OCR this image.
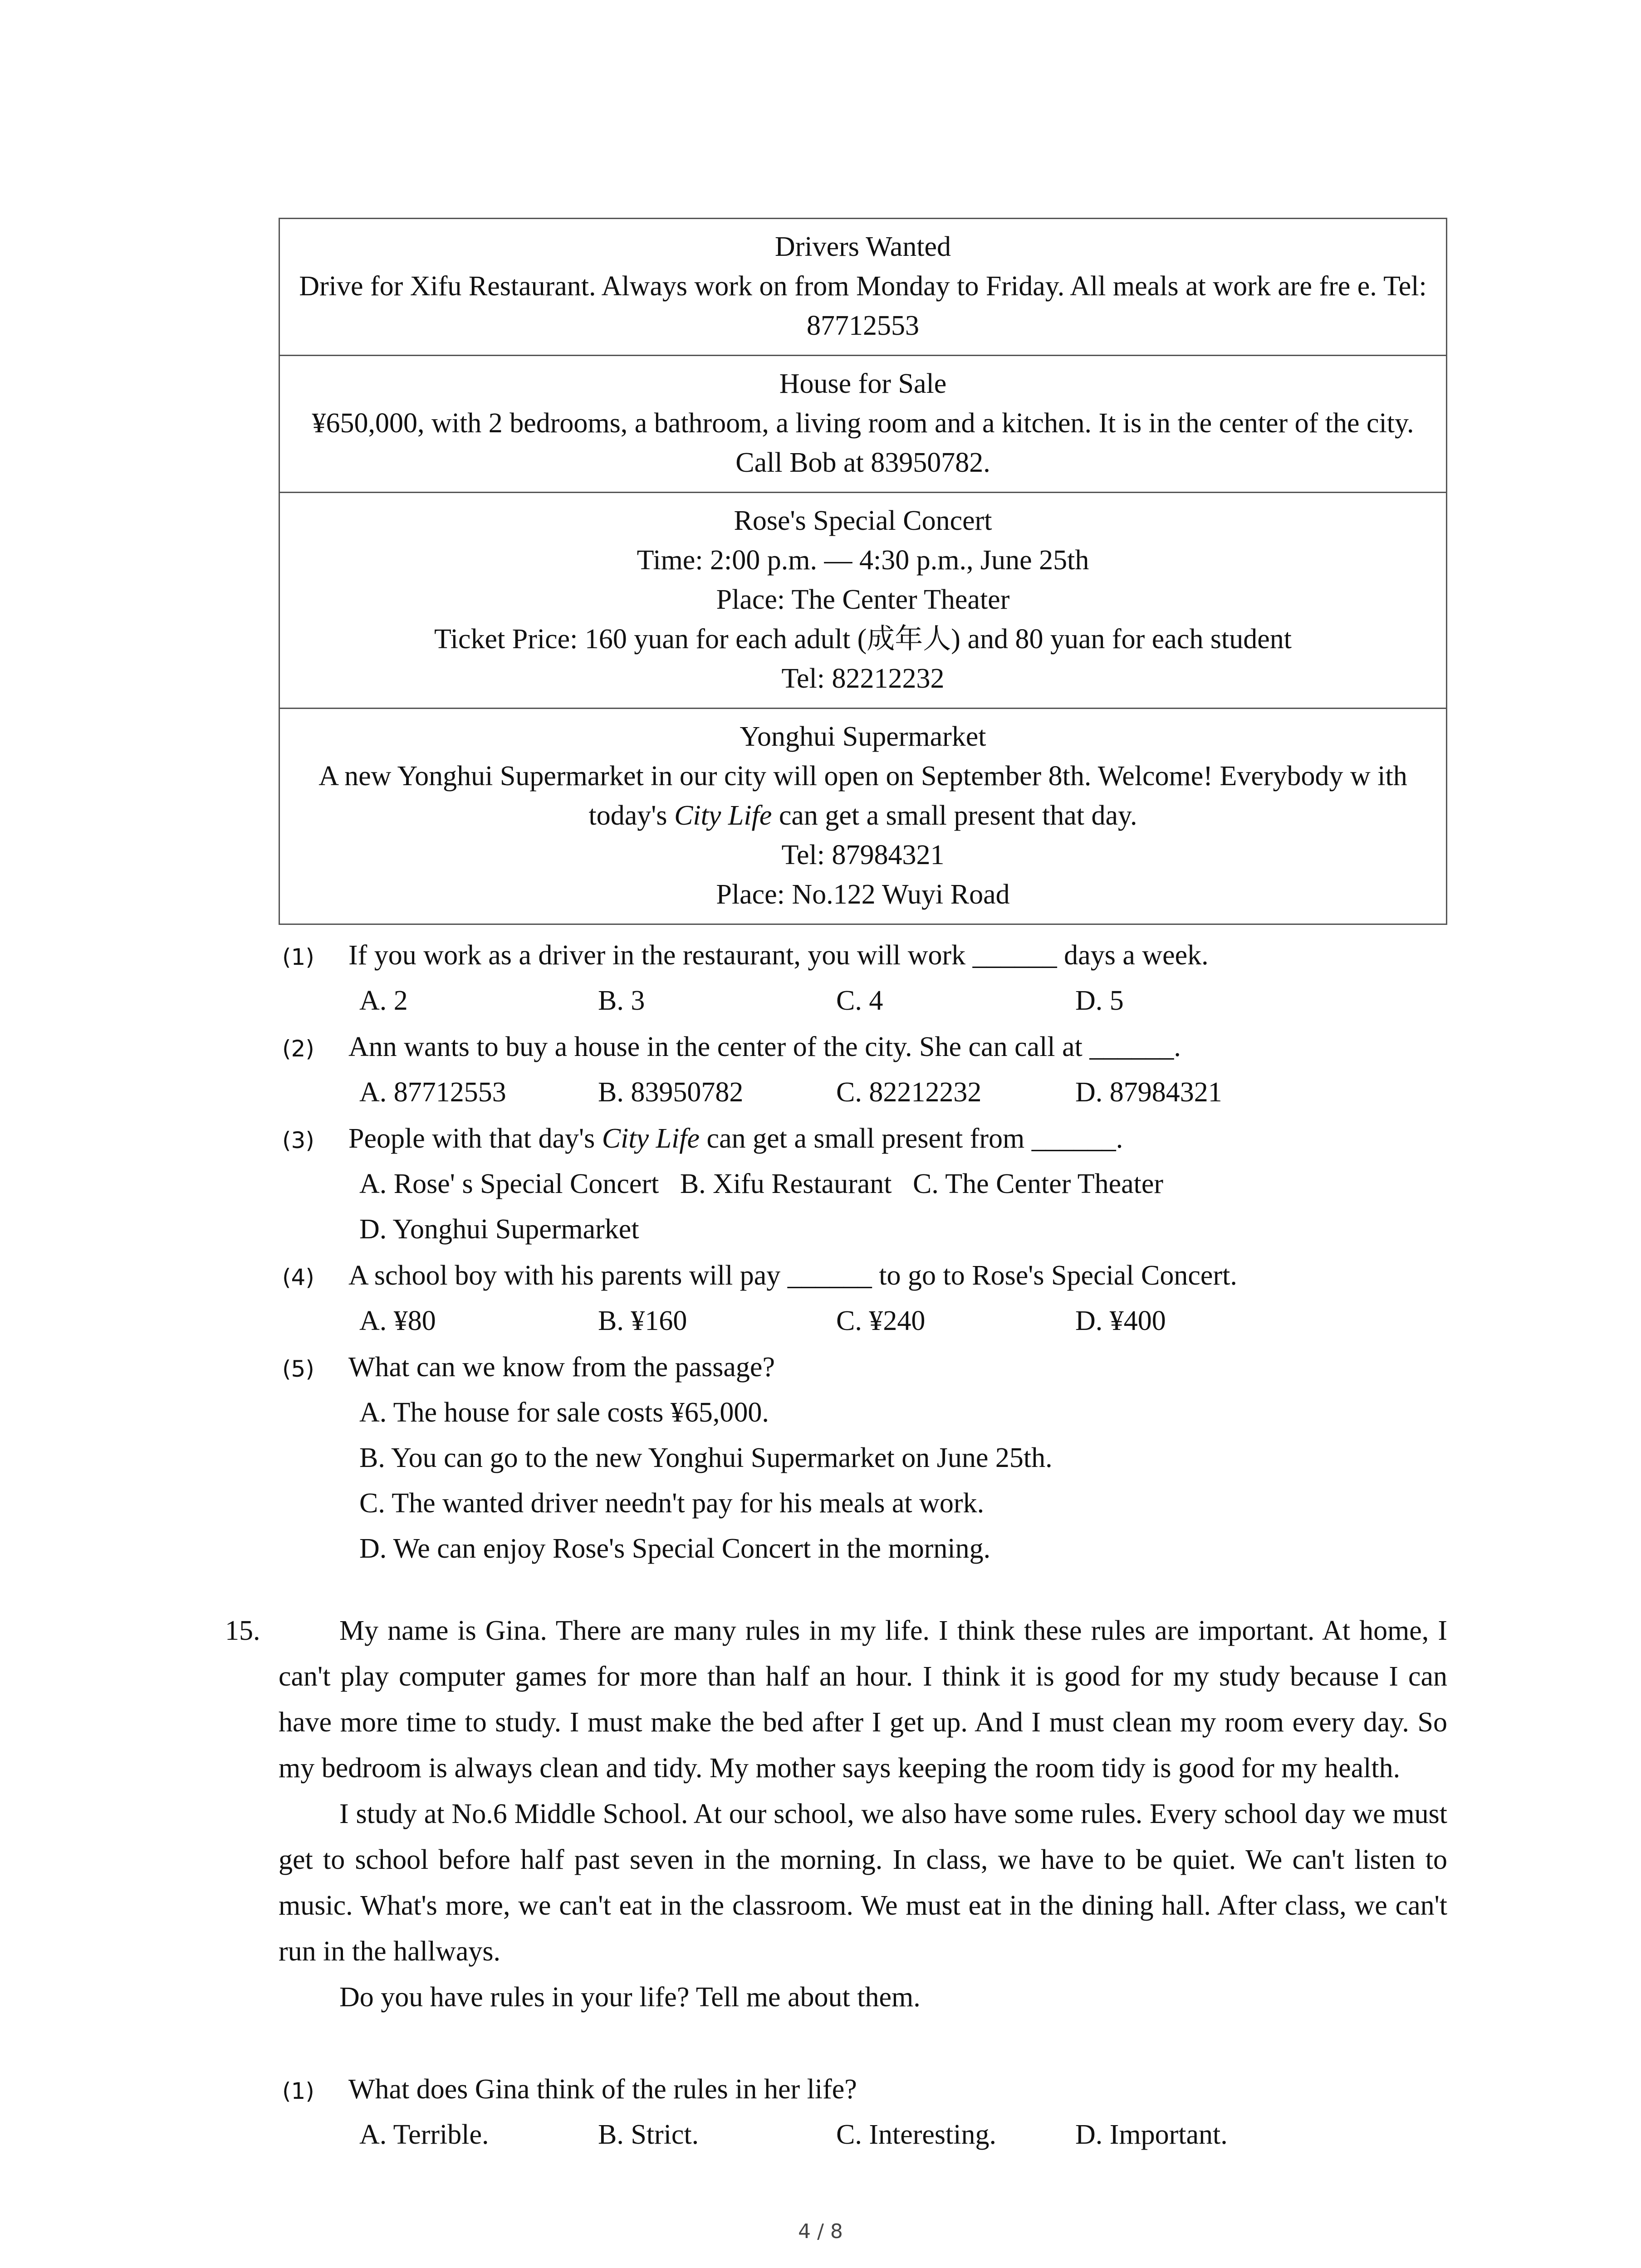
Drivers Wanted
Drive for Xifu Restaurant. Always work on from Monday to Friday. All meals at work are fre e. Tel: 87712553
House for Sale
¥650,000, with 2 bedrooms, a bathroom, a living room and a kitchen. It is in the center of the city. Call Bob at 83950782.
Rose's Special Concert
Time: 2:00 p.m. — 4:30 p.m., June 25th
Place: The Center Theater
Ticket Price: 160 yuan for each adult (成年人) and 80 yuan for each student
Tel: 82212232
Yonghui Supermarket
A new Yonghui Supermarket in our city will open on September 8th. Welcome! Everybody w ith today's City Life can get a small present that day.
Tel: 87984321
Place: No.122 Wuyi Road
(1) If you work as a driver in the restaurant, you will work ______ days a week.
A. 2	B. 3	C. 4	D. 5
(2) Ann wants to buy a house in the center of the city. She can call at ______.
A. 87712553	B. 83950782	C. 82212232	D. 87984321
(3) People with that day's City Life can get a small present from ______.
A. Rose' s Special Concert   B. Xifu Restaurant   C. The Center Theater
D. Yonghui Supermarket
(4) A school boy with his parents will pay ______ to go to Rose's Special Concert.
A. ¥80	B. ¥160	C. ¥240	D. ¥400
(5) What can we know from the passage?
A. The house for sale costs ¥65,000.
B. You can go to the new Yonghui Supermarket on June 25th.
C. The wanted driver needn't pay for his meals at work.
D. We can enjoy Rose's Special Concert in the morning.
15.	My name is Gina. There are many rules in my life. I think these rules are important. At home, I can't play computer games for more than half an hour. I think it is good for my study because I can have more time to study. I must make the bed after I get up. And I must clean my room every day. So my bedroom is always clean and tidy. My mother says keeping the room tidy is good for my health.

I study at No.6 Middle School. At our school, we also have some rules. Every school day we must get to school before half past seven in the morning. In class, we have to be quiet. We can't listen to music. What's more, we can't eat in the classroom. We must eat in the dining hall. After class, we can't run in the hallways.

Do you have rules in your life? Tell me about them.

(1) What does Gina think of the rules in her life?
A. Terrible.	B. Strict.	C. Interesting.	D. Important.
4 / 8
